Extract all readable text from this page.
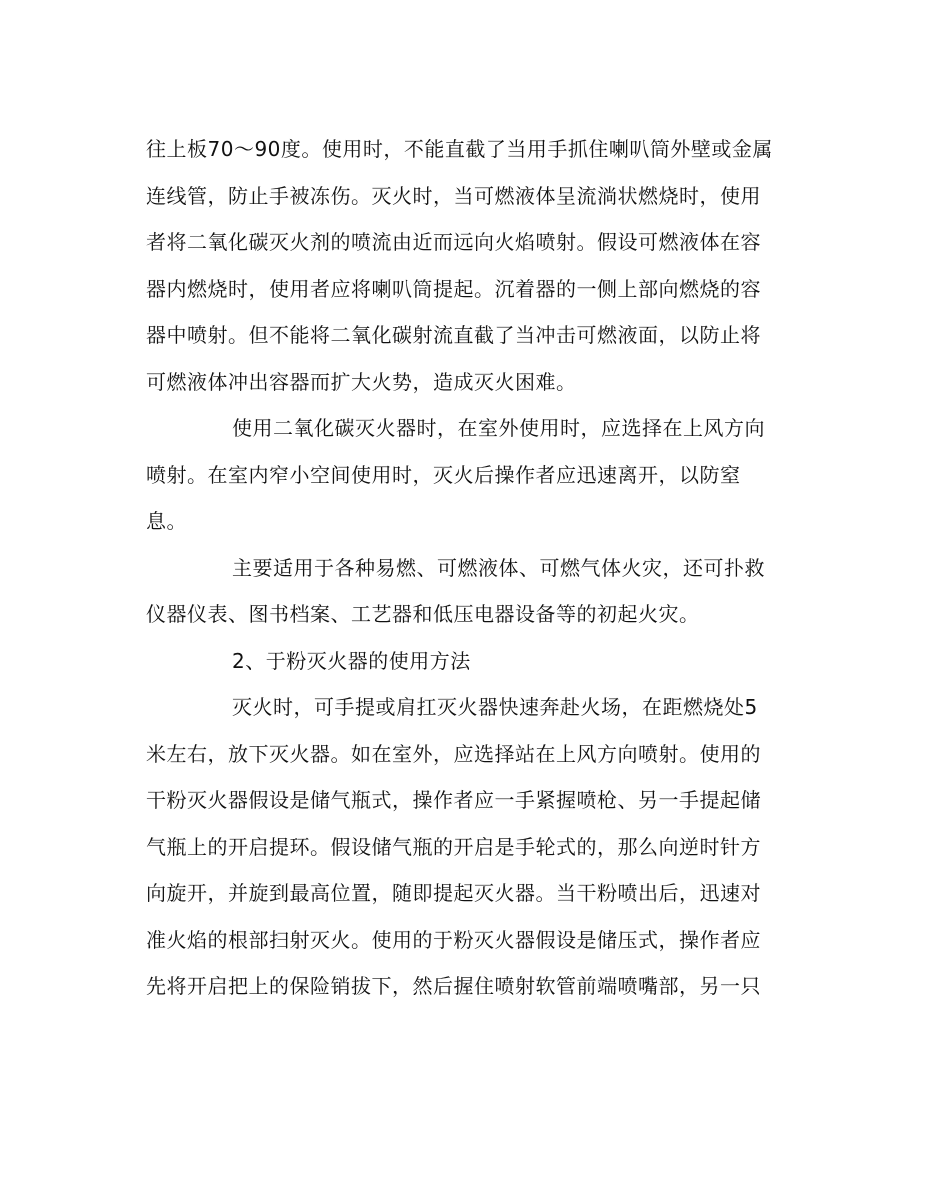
往上板70～90度。使用时，不能直截了当用手抓住喇叭筒外壁或金属
连线管，防止手被冻伤。灭火时，当可燃液体呈流淌状燃烧时，使用
者将二氧化碳灭火剂的喷流由近而远向火焰喷射。假设可燃液体在容
器内燃烧时，使用者应将喇叭筒提起。沉着器的一侧上部向燃烧的容
器中喷射。但不能将二氧化碳射流直截了当冲击可燃液面，以防止将
可燃液体冲出容器而扩大火势，造成灭火困难。
使用二氧化碳灭火器时，在室外使用时，应选择在上风方向
喷射。在室内窄小空间使用时，灭火后操作者应迅速离开，以防窒
息。
主要适用于各种易燃、可燃液体、可燃气体火灾，还可扑救
仪器仪表、图书档案、工艺器和低压电器设备等的初起火灾。
2、于粉灭火器的使用方法
灭火时，可手提或肩扛灭火器快速奔赴火场，在距燃烧处5
米左右，放下灭火器。如在室外，应选择站在上风方向喷射。使用的
干粉灭火器假设是储气瓶式，操作者应一手紧握喷枪、另一手提起储
气瓶上的开启提环。假设储气瓶的开启是手轮式的，那么向逆时针方
向旋开，并旋到最高位置，随即提起灭火器。当干粉喷出后，迅速对
准火焰的根部扫射灭火。使用的于粉灭火器假设是储压式，操作者应
先将开启把上的保险销拔下，然后握住喷射软管前端喷嘴部，另一只
